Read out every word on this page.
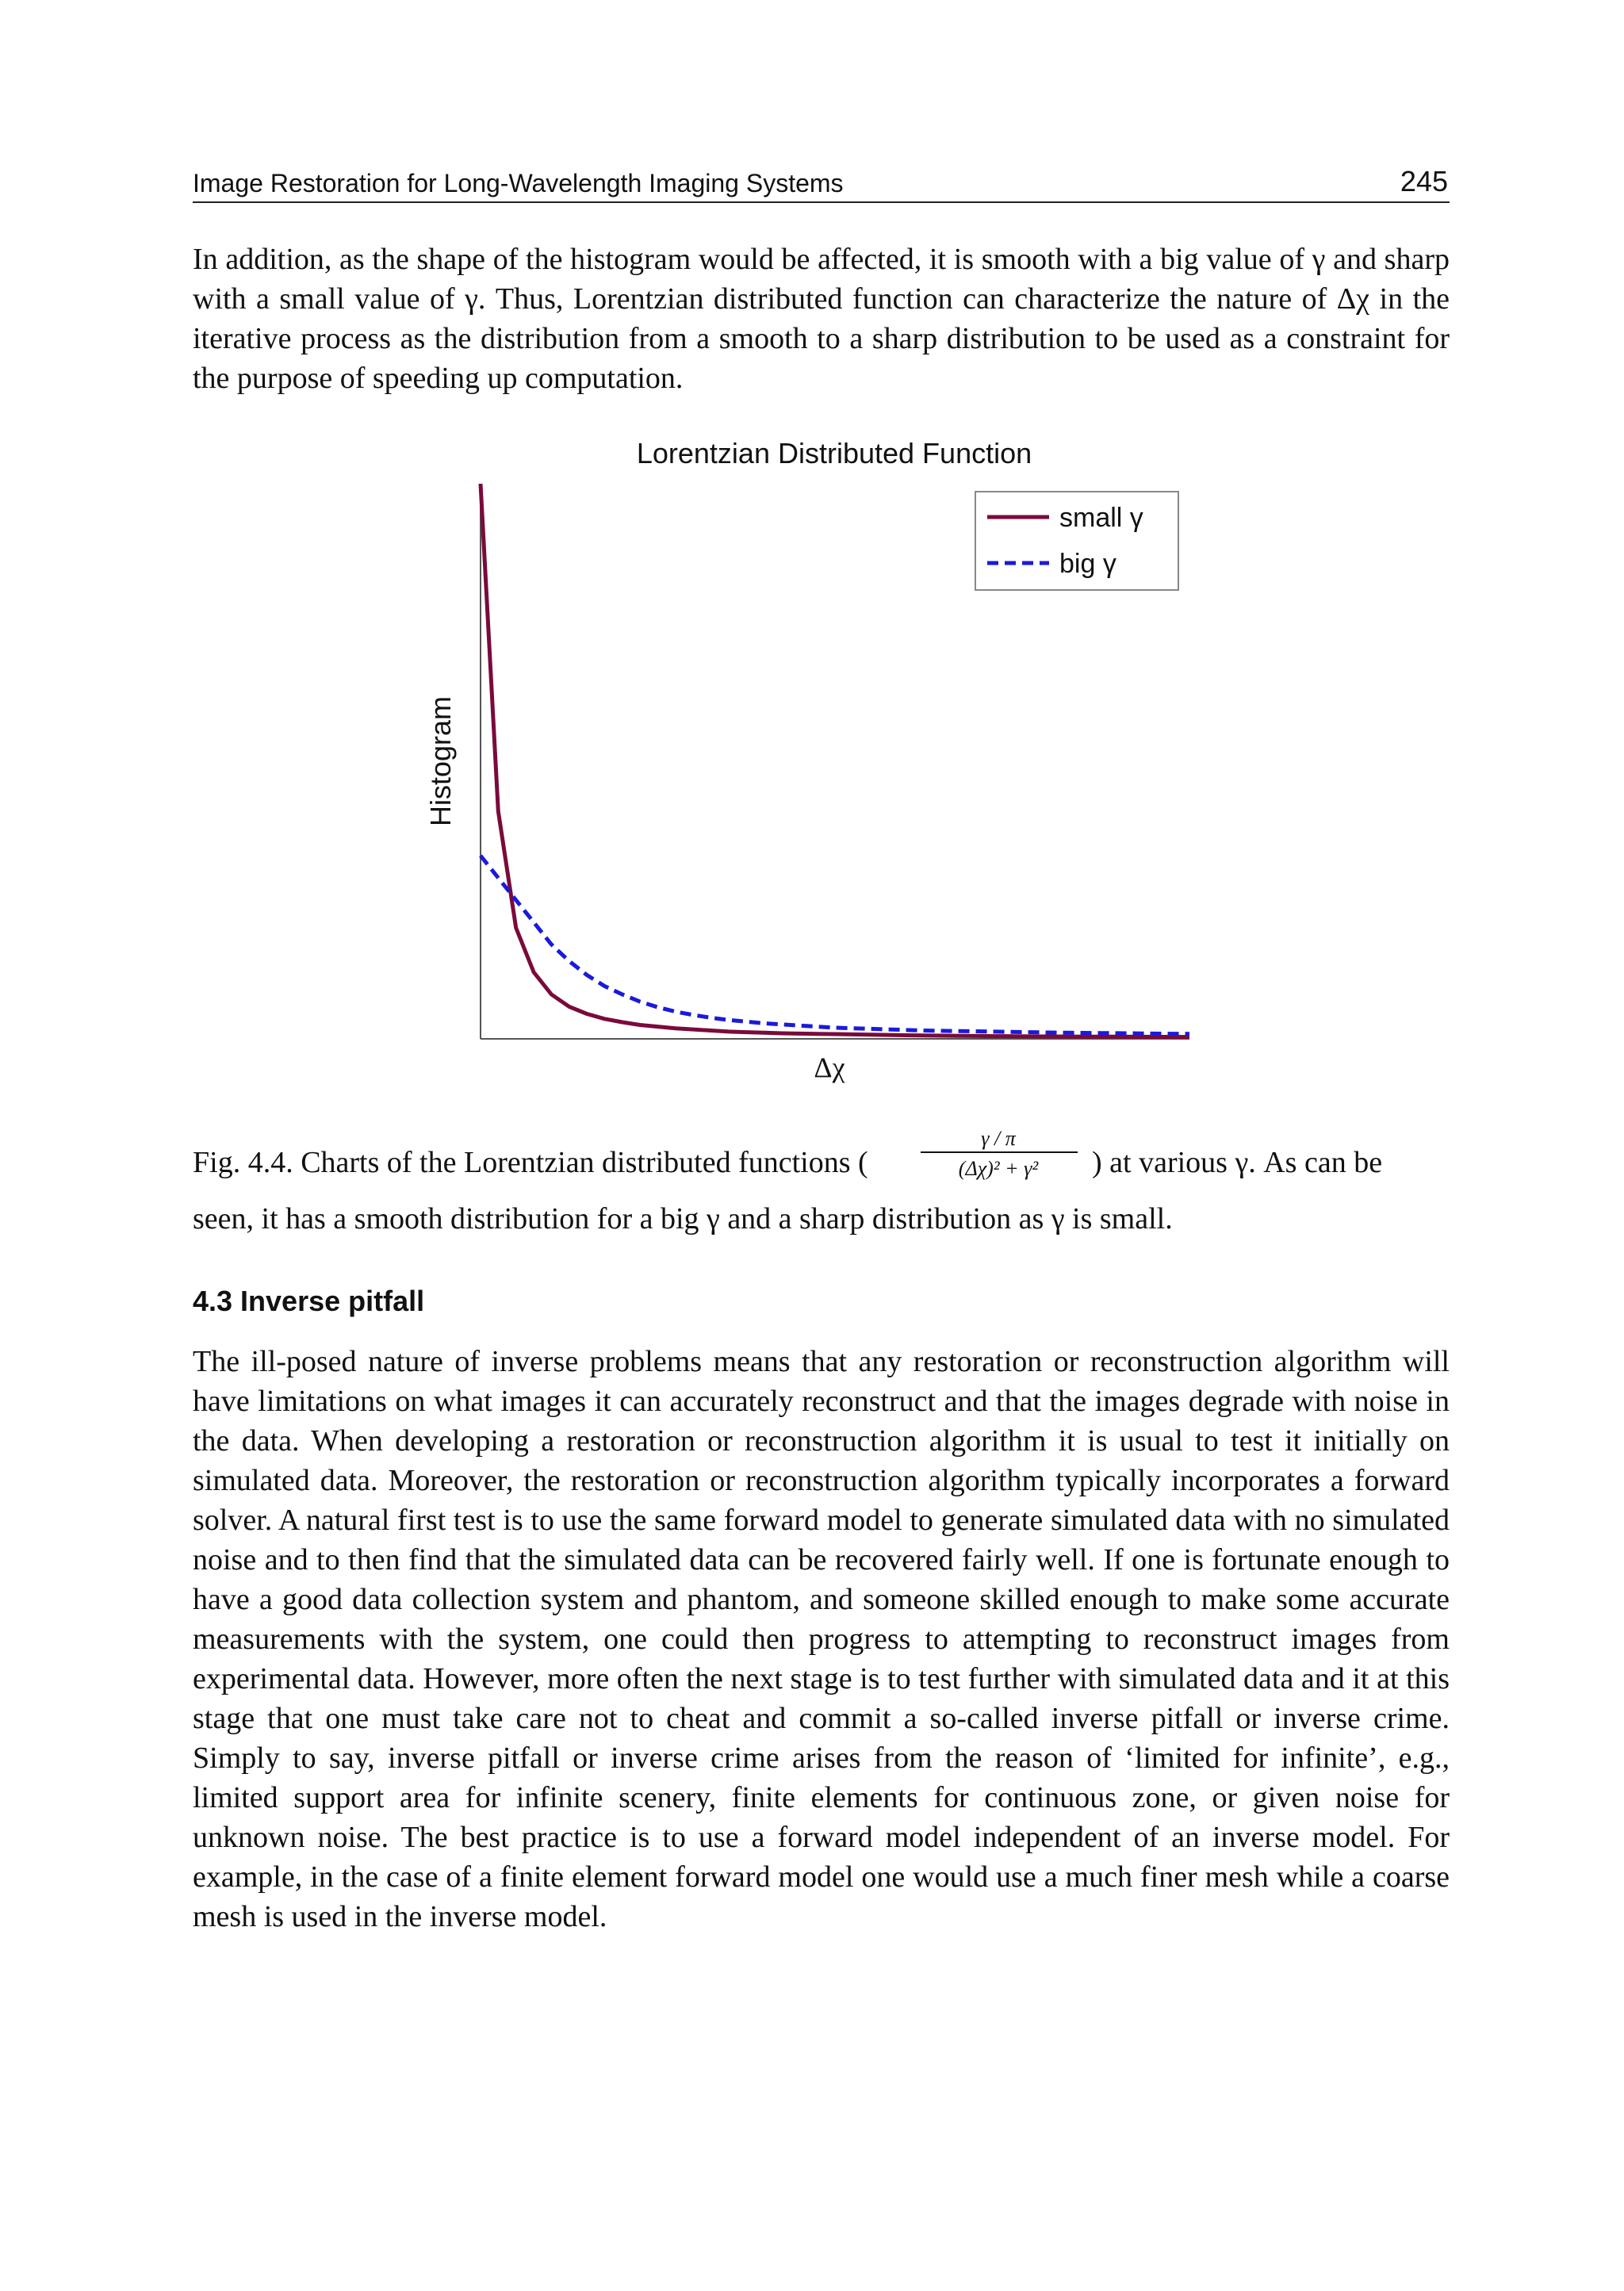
Image Restoration for Long-Wavelength Imaging Systems	245

In addition, as the shape of the histogram would be affected, it is smooth with a big value of γ and sharp with a small value of γ. Thus, Lorentzian distributed function can characterize the nature of Δχ in the iterative process as the distribution from a smooth to a sharp distribution to be used as a constraint for the purpose of speeding up computation.

Lorentzian Distributed Function
Histogram
Δχ
small γ
big γ
Fig. 4.4. Charts of the Lorentzian distributed functions (
γ / π
(Δχ)² + γ² ) at various γ. As can be
seen, it has a smooth distribution for a big γ and a sharp distribution as γ is small.
4.3 Inverse pitfall

The ill-posed nature of inverse problems means that any restoration or reconstruction algorithm will have limitations on what images it can accurately reconstruct and that the images degrade with noise in the data. When developing a restoration or reconstruction algorithm it is usual to test it initially on simulated data. Moreover, the restoration or reconstruction algorithm typically incorporates a forward solver. A natural first test is to use the same forward model to generate simulated data with no simulated noise and to then find that the simulated data can be recovered fairly well. If one is fortunate enough to have a good data collection system and phantom, and someone skilled enough to make some accurate measurements with the system, one could then progress to attempting to reconstruct images from experimental data. However, more often the next stage is to test further with simulated data and it at this stage that one must take care not to cheat and commit a so-called inverse pitfall or inverse crime. Simply to say, inverse pitfall or inverse crime arises from the reason of ‘limited for infinite’, e.g., limited support area for infinite scenery, finite elements for continuous zone, or given noise for unknown noise. The best practice is to use a forward model independent of an inverse model. For example, in the case of a finite element forward model one would use a much finer mesh while a coarse mesh is used in the inverse model.
